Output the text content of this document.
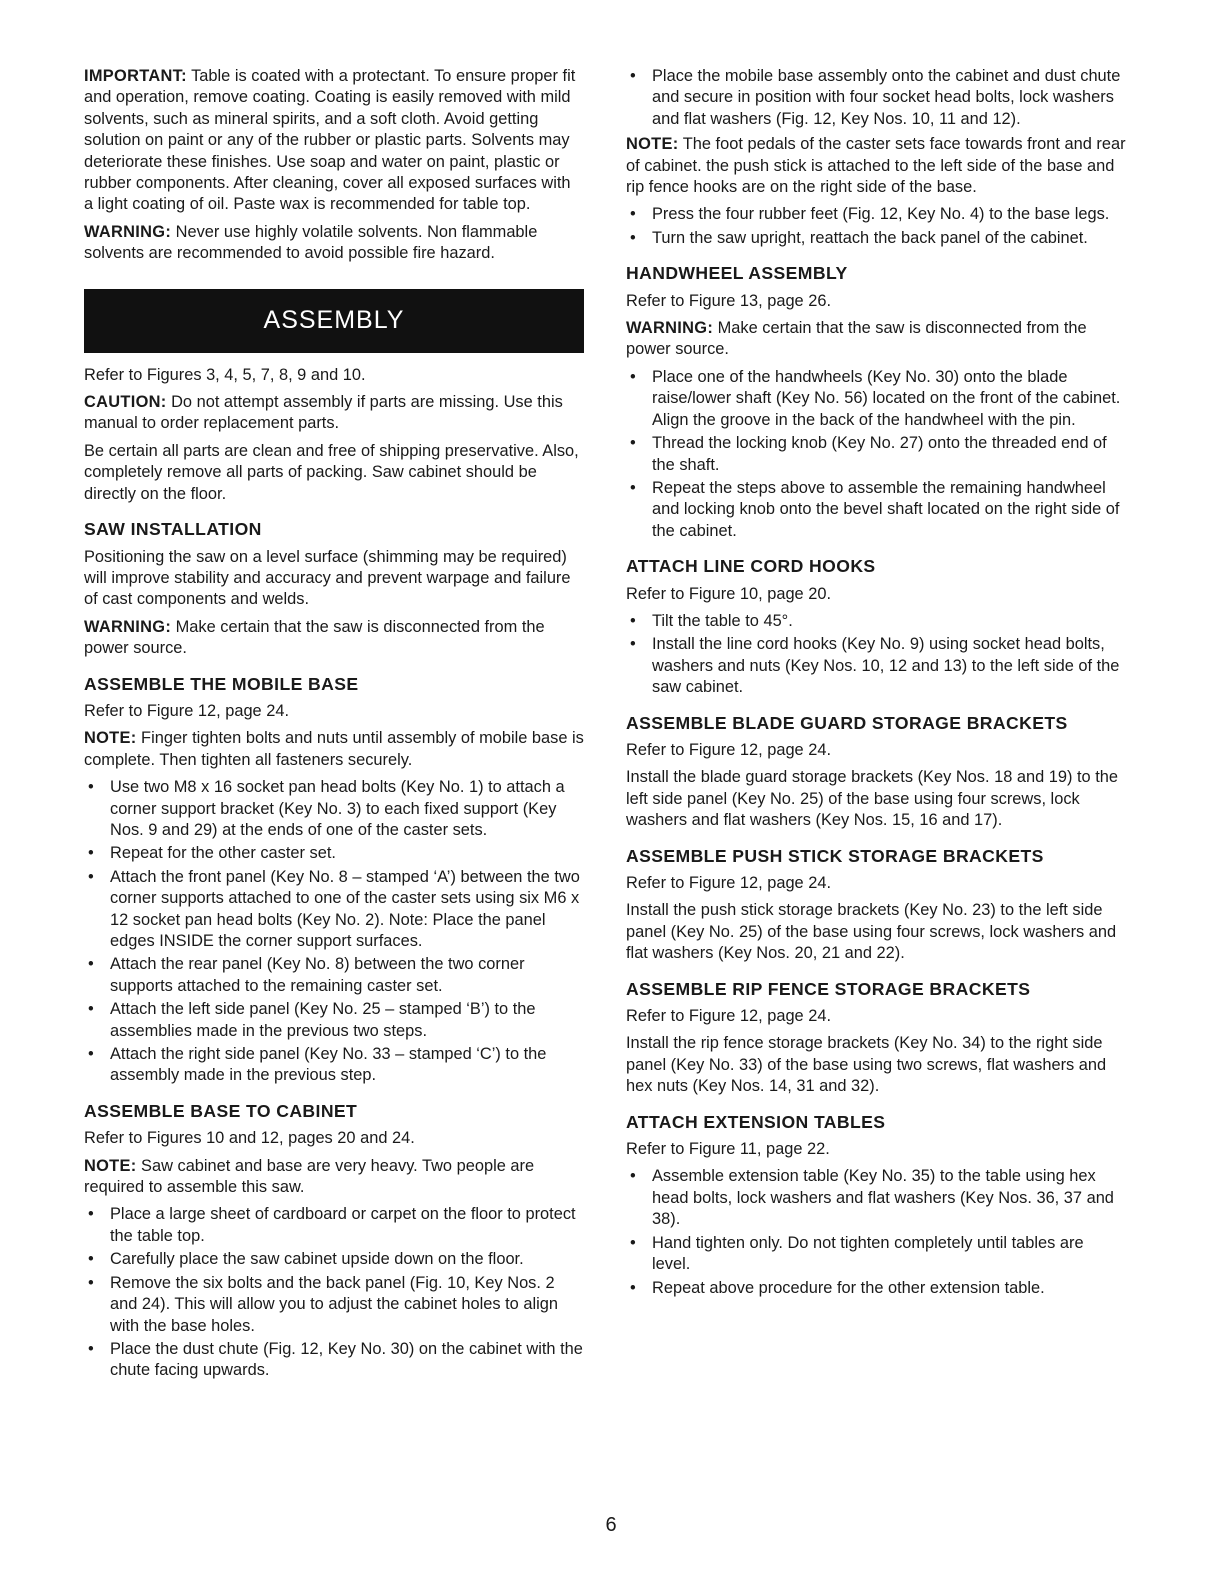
IMPORTANT: Table is coated with a protectant. To ensure proper fit and operation, remove coating. Coating is easily removed with mild solvents, such as mineral spirits, and a soft cloth. Avoid getting solution on paint or any of the rubber or plastic parts. Solvents may deteriorate these finishes. Use soap and water on paint, plastic or rubber components. After cleaning, cover all exposed surfaces with a light coating of oil. Paste wax is recommended for table top.

WARNING: Never use highly volatile solvents. Non flammable solvents are recommended to avoid possible fire hazard.

ASSEMBLY

Refer to Figures 3, 4, 5, 7, 8, 9 and 10.

CAUTION: Do not attempt assembly if parts are missing. Use this manual to order replacement parts.

Be certain all parts are clean and free of shipping preservative. Also, completely remove all parts of packing. Saw cabinet should be directly on the floor.

SAW INSTALLATION

Positioning the saw on a level surface (shimming may be required) will improve stability and accuracy and prevent warpage and failure of cast components and welds.

WARNING: Make certain that the saw is disconnected from the power source.

ASSEMBLE THE MOBILE BASE

Refer to Figure 12, page 24.

NOTE: Finger tighten bolts and nuts until assembly of mobile base is complete. Then tighten all fasteners securely.

• Use two M8 x 16 socket pan head bolts (Key No. 1) to attach a corner support bracket (Key No. 3) to each fixed support (Key Nos. 9 and 29) at the ends of one of the caster sets.
• Repeat for the other caster set.
• Attach the front panel (Key No. 8 – stamped ‘A’) between the two corner supports attached to one of the caster sets using six M6 x 12 socket pan head bolts (Key No. 2). Note: Place the panel edges INSIDE the corner support surfaces.
• Attach the rear panel (Key No. 8) between the two corner supports attached to the remaining caster set.
• Attach the left side panel (Key No. 25 – stamped ‘B’) to the assemblies made in the previous two steps.
• Attach the right side panel (Key No. 33 – stamped ‘C’) to the assembly made in the previous step.
ASSEMBLE BASE TO CABINET

Refer to Figures 10 and 12, pages 20 and 24.

NOTE: Saw cabinet and base are very heavy. Two people are required to assemble this saw.

• Place a large sheet of cardboard or carpet on the floor to protect the table top.
• Carefully place the saw cabinet upside down on the floor.
• Remove the six bolts and the back panel (Fig. 10, Key Nos. 2 and 24). This will allow you to adjust the cabinet holes to align with the base holes.
• Place the dust chute (Fig. 12, Key No. 30) on the cabinet with the chute facing upwards.
• Place the mobile base assembly onto the cabinet and dust chute and secure in position with four socket head bolts, lock washers and flat washers (Fig. 12, Key Nos. 10, 11 and 12).

NOTE: The foot pedals of the caster sets face towards front and rear of cabinet. the push stick is attached to the left side of the base and rip fence hooks are on the right side of the base.

• Press the four rubber feet (Fig. 12, Key No. 4) to the base legs.
• Turn the saw upright, reattach the back panel of the cabinet.
HANDWHEEL ASSEMBLY

Refer to Figure 13, page 26.

WARNING: Make certain that the saw is disconnected from the power source.

• Place one of the handwheels (Key No. 30) onto the blade raise/lower shaft (Key No. 56) located on the front of the cabinet. Align the groove in the back of the handwheel with the pin.
• Thread the locking knob (Key No. 27) onto the threaded end of the shaft.
• Repeat the steps above to assemble the remaining handwheel and locking knob onto the bevel shaft located on the right side of the cabinet.
ATTACH LINE CORD HOOKS

Refer to Figure 10, page 20.

• Tilt the table to 45°.
• Install the line cord hooks (Key No. 9) using socket head bolts, washers and nuts (Key Nos. 10, 12 and 13) to the left side of the saw cabinet.
ASSEMBLE BLADE GUARD STORAGE BRACKETS

Refer to Figure 12, page 24.

Install the blade guard storage brackets (Key Nos. 18 and 19) to the left side panel (Key No. 25) of the base using four screws, lock washers and flat washers (Key Nos. 15, 16 and 17).

ASSEMBLE PUSH STICK STORAGE BRACKETS

Refer to Figure 12, page 24.

Install the push stick storage brackets (Key No. 23) to the left side panel (Key No. 25) of the base using four screws, lock washers and flat washers (Key Nos. 20, 21 and 22).

ASSEMBLE RIP FENCE STORAGE BRACKETS

Refer to Figure 12, page 24.

Install the rip fence storage brackets (Key No. 34) to the right side panel (Key No. 33) of the base using two screws, flat washers and hex nuts (Key Nos. 14, 31 and 32).

ATTACH EXTENSION TABLES

Refer to Figure 11, page 22.

• Assemble extension table (Key No. 35) to the table using hex head bolts, lock washers and flat washers (Key Nos. 36, 37 and 38).
• Hand tighten only. Do not tighten completely until tables are level.
• Repeat above procedure for the other extension table.
6
